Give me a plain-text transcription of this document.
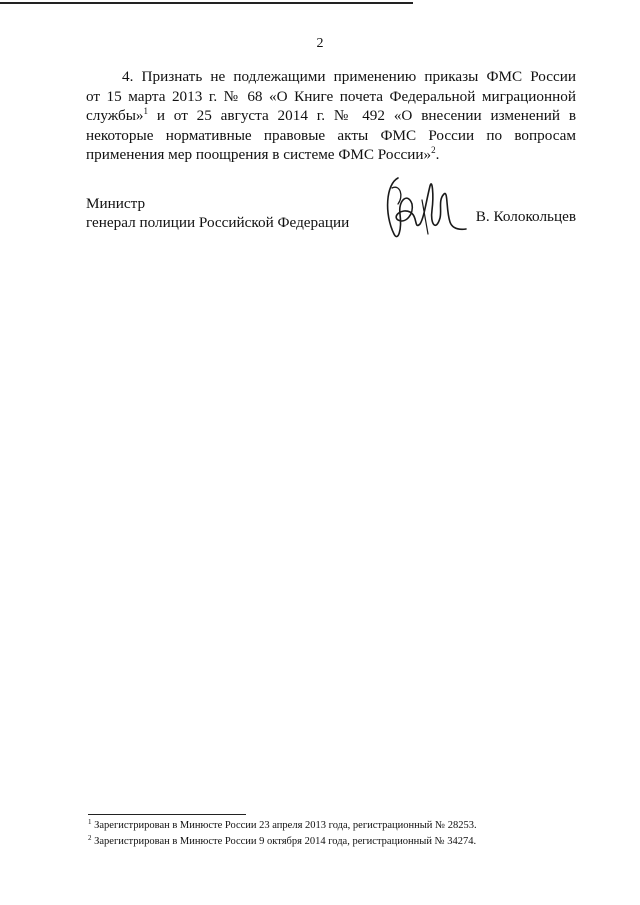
2
4. Признать не подлежащими применению приказы ФМС России
от 15 марта 2013 г. № 68 «О Книге почета Федеральной миграционной
службы»$^1$ и от 25 августа 2014 г. № 492 «О внесении изменений в
некоторые нормативные правовые акты ФМС России по вопросам
применения мер поощрения в системе ФМС России»$^2$.
Министр
генерал полиции Российской Федерации	В. Колокольцев
$^1$ Зарегистрирован в Минюсте России 23 апреля 2013 года, регистрационный № 28253.
$^2$ Зарегистрирован в Минюсте России 9 октября 2014 года, регистрационный № 34274.
